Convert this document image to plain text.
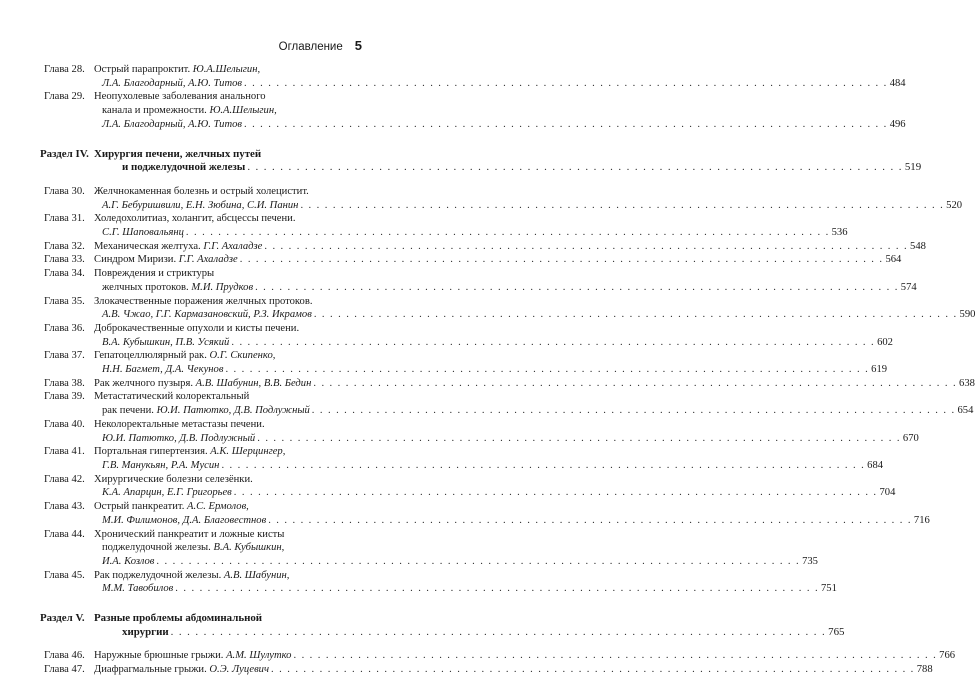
Оглавление 5
Глава 28. Острый парапроктит. Ю.А.Шелыгин,
Л.А. Благодарный, А.Ю. Титов . . .	484
Глава 29. Неопухолевые заболевания анального
канала и промежности. Ю.А.Шелыгин,
Л.А. Благодарный, А.Ю. Титов . . .	496
Раздел IV. Хирургия печени, желчных путей
и поджелудочной железы . . .	519
Глава 30. Желчнокаменная болезнь и острый холецистит.
А.Г. Бебуришвили, Е.Н. Зюбина, С.И. Панин . . .	520
Глава 31. Холедохолитиаз, холангит, абсцессы печени.
С.Г. Шаповальянц . . .	536
Глава 32. Механическая желтуха. Г.Г. Ахаладзе . . .	548
Глава 33. Синдром Миризи. Г.Г. Ахаладзе . . .	564
Глава 34. Повреждения и стриктуры
желчных протоков. М.И. Прудков . . .	574
Глава 35. Злокачественные поражения желчных протоков.
А.В. Чжао, Г.Г. Кармазановский, Р.З. Икрамов . . .	590
Глава 36. Доброкачественные опухоли и кисты печени.
В.А. Кубышкин, П.В. Усякий . . .	602
Глава 37. Гепатоцеллюлярный рак. О.Г. Скипенко,
Н.Н. Багмет, Д.А. Чекунов . . .	619
Глава 38. Рак желчного пузыря. А.В. Шабунин, В.В. Бедин . . .	638
Глава 39. Метастатический колоректальный
рак печени. Ю.И. Патютко, Д.В. Подлужный . . .	654
Глава 40. Неколоректальные метастазы печени.
Ю.И. Патютко, Д.В. Подлужный . . .	670
Глава 41. Портальная гипертензия. А.К. Шерцингер,
Г.В. Манукьян, Р.А. Мусин . . .	684
Глава 42. Хирургические болезни селезёнки.
К.А. Апарцин, Е.Г. Григорьев . . .	704
Глава 43. Острый панкреатит. А.С. Ермолов,
М.И. Филимонов, Д.А. Благовестнов . . .	716
Глава 44. Хронический панкреатит и ложные кисты
поджелудочной железы. В.А. Кубышкин,
И.А. Козлов . . .	735
Глава 45. Рак поджелудочной железы. А.В. Шабунин,
М.М. Тавобилов . . .	751
Раздел V. Разные проблемы абдоминальной
хирургии . . .	765
Глава 46. Наружные брюшные грыжи. А.М. Шулутко . . .	766
Глава 47. Диафрагмальные грыжи. О.Э. Луцевич . . .	788
